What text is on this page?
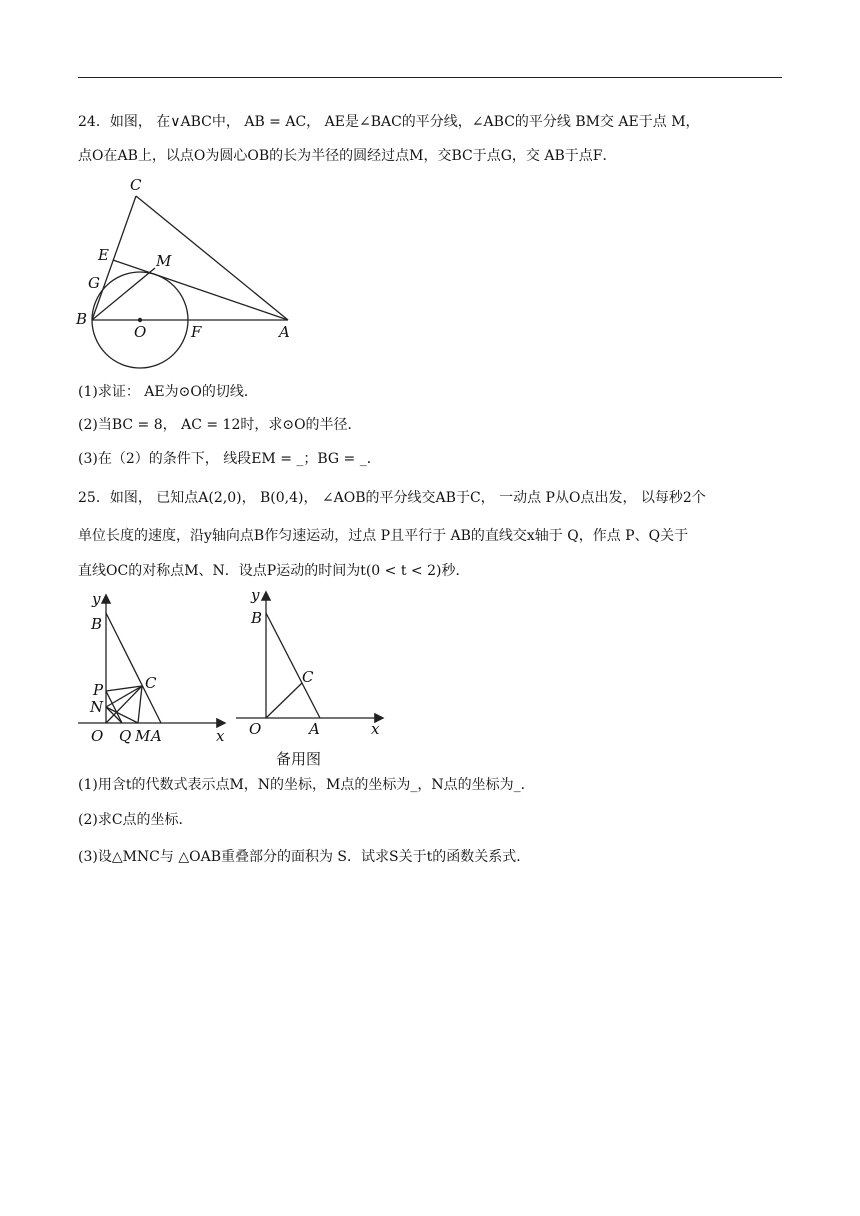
24．如图， 在∨ABC中， AB = AC， AE是∠BAC的平分线，∠ABC的平分线 BM交 AE于点 M，
点O在AB上，以点O为圆心OB的长为半径的圆经过点M，交BC于点G，交 AB于点F．
C
E	M
G
B
O	F	A
(1)求证： AE为⊙O的切线．
(2)当BC = 8， AC = 12时，求⊙O的半径．
(3)在（2）的条件下， 线段EM = _；BG = _．
25．如图， 已知点A(2,0)， B(0,4)， ∠AOB的平分线交AB于C， 一动点 P从O点出发， 以每秒2个
单位长度的速度，沿y轴向点B作匀速运动，过点 P且平行于 AB的直线交x轴于 Q，作点 P、Q关于
直线OC的对称点M、N．设点P运动的时间为t(0 < t < 2)秒．
y
B
P	C
N
O Q M A	x
y
B
C
O	A	x
备用图
(1)用含t的代数式表示点M，N的坐标，M点的坐标为_，N点的坐标为_．
(2)求C点的坐标．
(3)设△MNC与 △OAB重叠部分的面积为 S．试求S关于t的函数关系式．
